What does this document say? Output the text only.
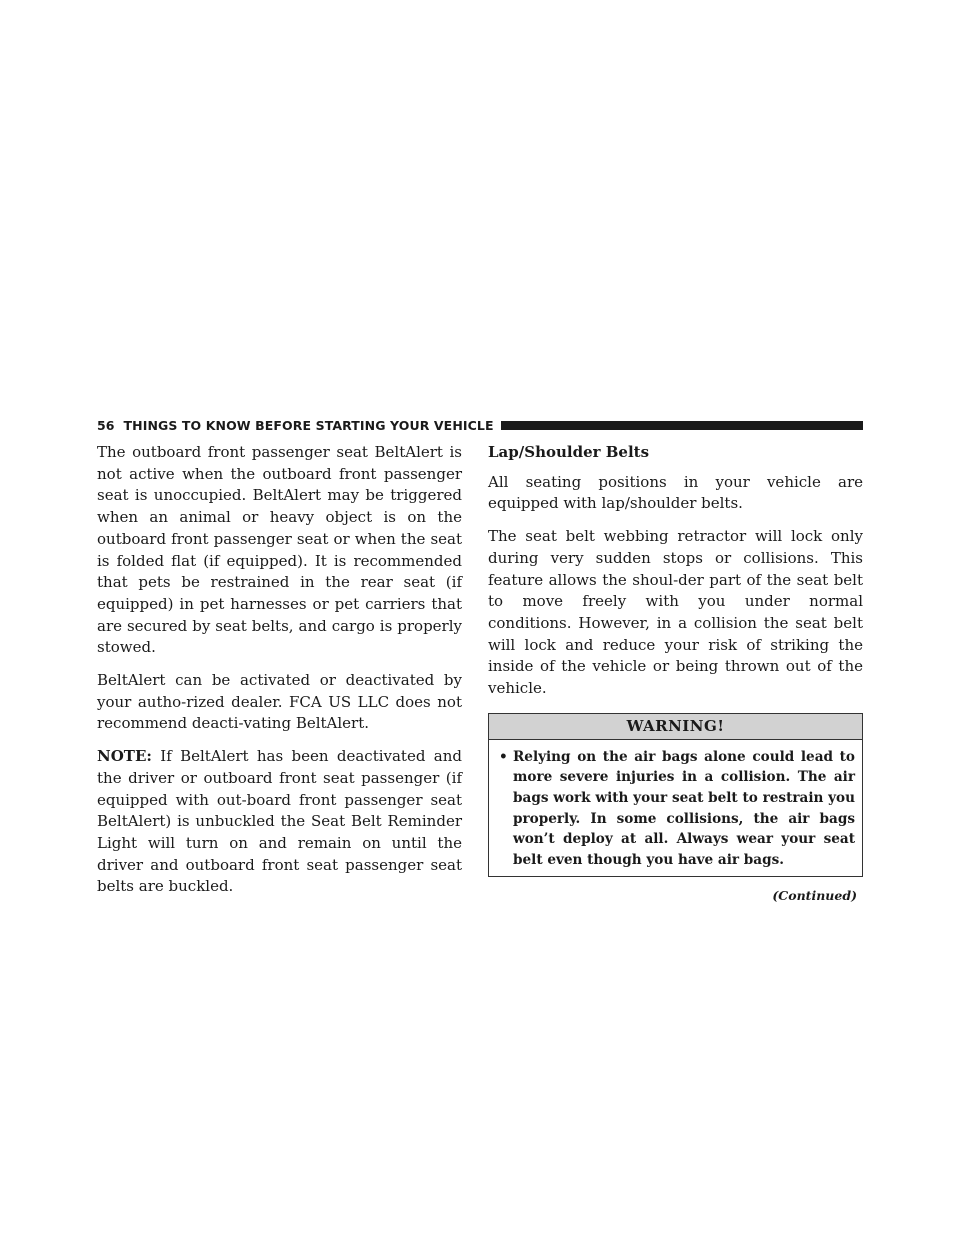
56 THINGS TO KNOW BEFORE STARTING YOUR VEHICLE

The outboard front passenger seat BeltAlert is not active when the outboard front passenger seat is unoccupied. BeltAlert may be triggered when an animal or heavy object is on the outboard front passenger seat or when the seat is folded flat (if equipped). It is recommended that pets be restrained in the rear seat (if equipped) in pet harnesses or pet carriers that are secured by seat belts, and cargo is properly stowed.

BeltAlert can be activated or deactivated by your autho-rized dealer. FCA US LLC does not recommend deacti-vating BeltAlert.

NOTE: If BeltAlert has been deactivated and the driver or outboard front seat passenger (if equipped with out-board front passenger seat BeltAlert) is unbuckled the Seat Belt Reminder Light will turn on and remain on until the driver and outboard front seat passenger seat belts are buckled.

Lap/Shoulder Belts

All seating positions in your vehicle are equipped with lap/shoulder belts.

The seat belt webbing retractor will lock only during very sudden stops or collisions. This feature allows the shoul-der part of the seat belt to move freely with you under normal conditions. However, in a collision the seat belt will lock and reduce your risk of striking the inside of the vehicle or being thrown out of the vehicle.

WARNING!
• Relying on the air bags alone could lead to more severe injuries in a collision. The air bags work with your seat belt to restrain you properly. In some collisions, the air bags won’t deploy at all. Always wear your seat belt even though you have air bags.
(Continued)
